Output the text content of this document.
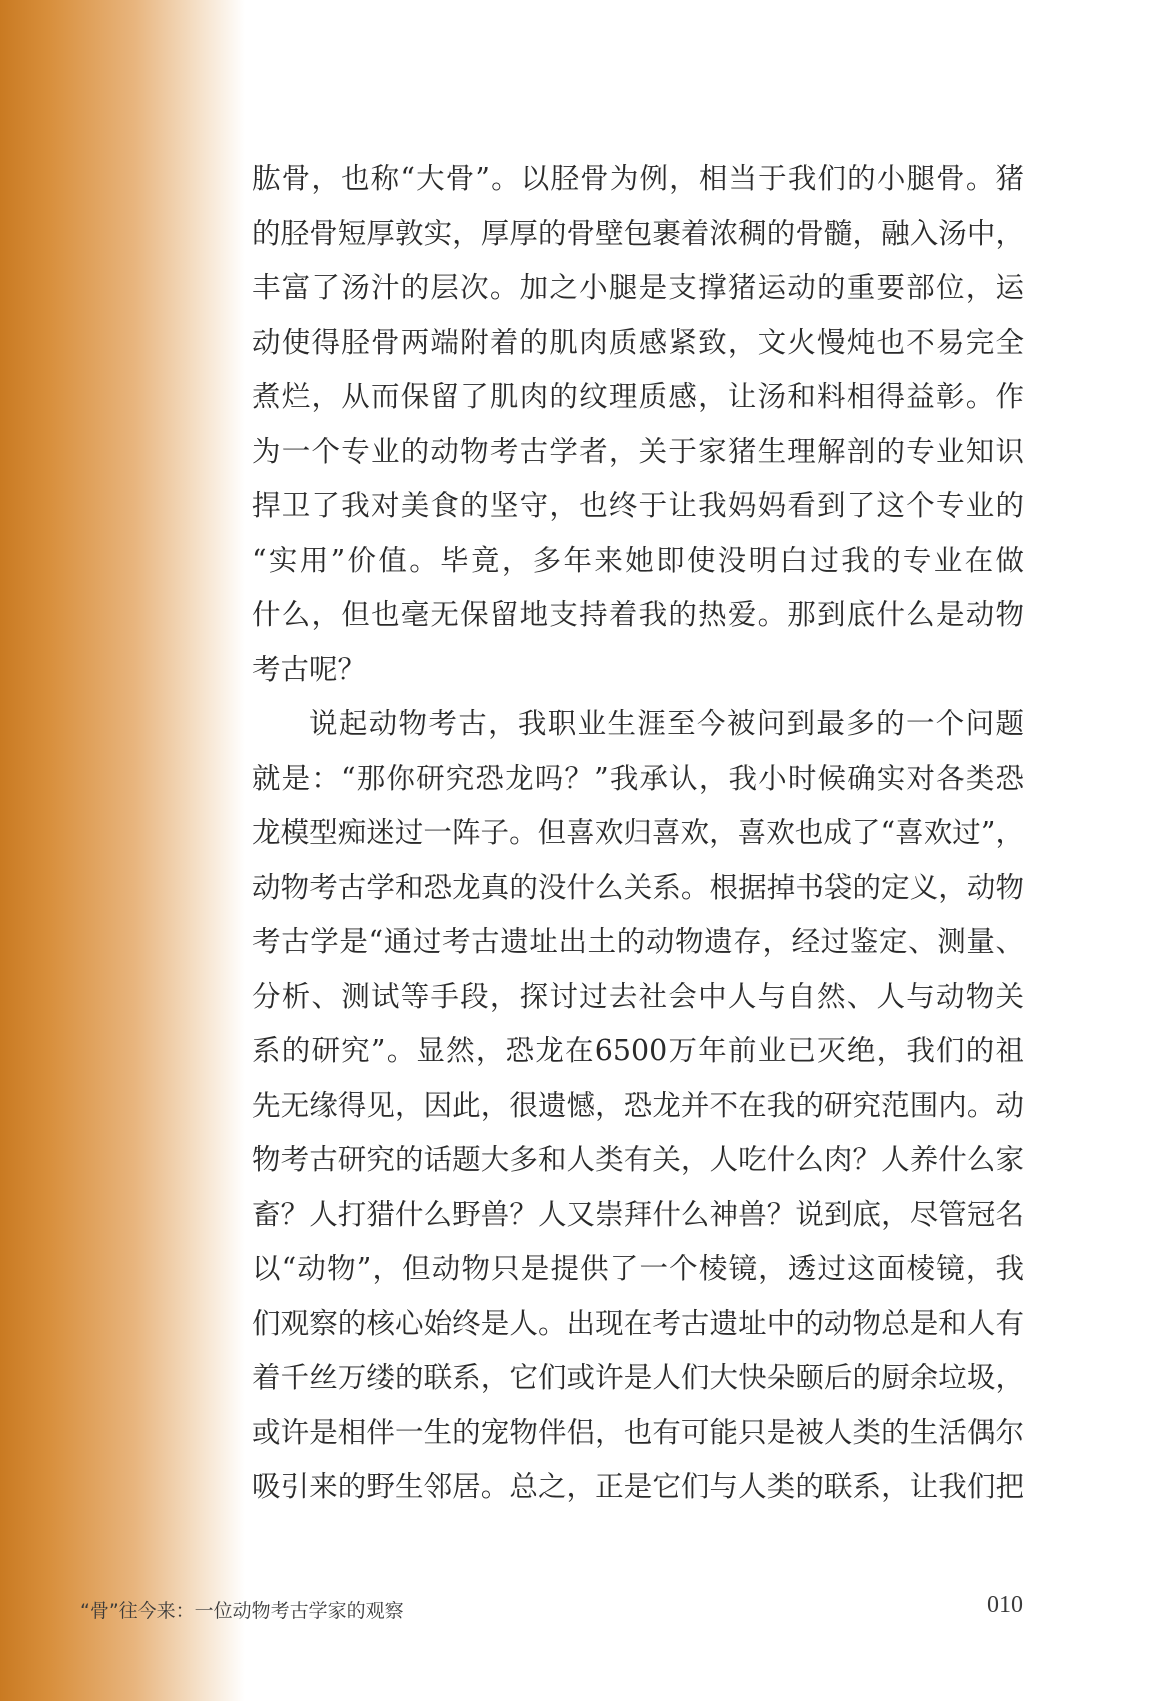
肱骨，也称“大骨”。以胫骨为例，相当于我们的小腿骨。猪
的胫骨短厚敦实，厚厚的骨壁包裹着浓稠的骨髓，融入汤中，
丰富了汤汁的层次。加之小腿是支撑猪运动的重要部位，运
动使得胫骨两端附着的肌肉质感紧致，文火慢炖也不易完全
煮烂，从而保留了肌肉的纹理质感，让汤和料相得益彰。作
为一个专业的动物考古学者，关于家猪生理解剖的专业知识
捍卫了我对美食的坚守，也终于让我妈妈看到了这个专业的
“实用”价值。毕竟，多年来她即使没明白过我的专业在做
什么，但也毫无保留地支持着我的热爱。那到底什么是动物
考古呢？
说起动物考古，我职业生涯至今被问到最多的一个问题
就是：“那你研究恐龙吗？”我承认，我小时候确实对各类恐
龙模型痴迷过一阵子。但喜欢归喜欢，喜欢也成了“喜欢过”，
动物考古学和恐龙真的没什么关系。根据掉书袋的定义，动物
考古学是“通过考古遗址出土的动物遗存，经过鉴定、测量、
分析、测试等手段，探讨过去社会中人与自然、人与动物关
系的研究”。显然，恐龙在6500万年前业已灭绝，我们的祖
先无缘得见，因此，很遗憾，恐龙并不在我的研究范围内。动
物考古研究的话题大多和人类有关，人吃什么肉？人养什么家
畜？人打猎什么野兽？人又崇拜什么神兽？说到底，尽管冠名
以“动物”，但动物只是提供了一个棱镜，透过这面棱镜，我
们观察的核心始终是人。出现在考古遗址中的动物总是和人有
着千丝万缕的联系，它们或许是人们大快朵颐后的厨余垃圾，
或许是相伴一生的宠物伴侣，也有可能只是被人类的生活偶尔
吸引来的野生邻居。总之，正是它们与人类的联系，让我们把
“骨”往今来：一位动物考古学家的观察	010
